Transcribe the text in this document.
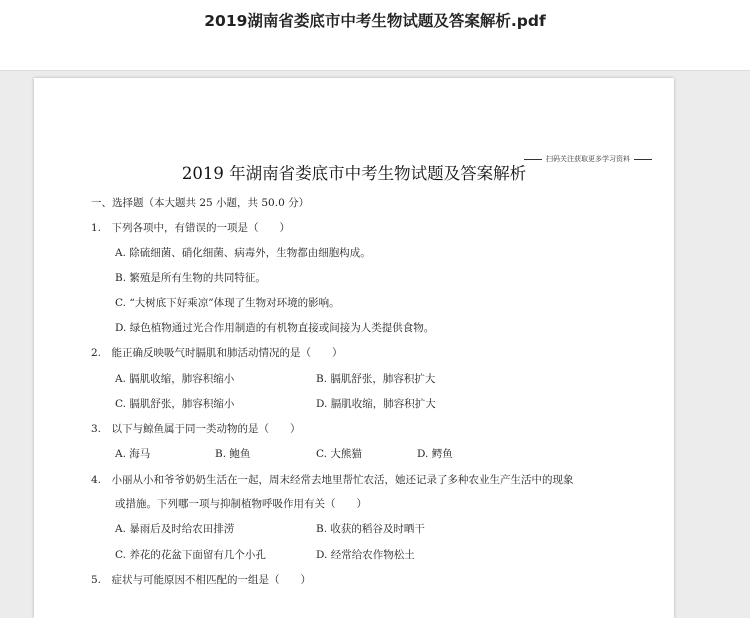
2019湖南省娄底市中考生物试题及答案解析.pdf
扫码关注获取更多学习资料
2019 年湖南省娄底市中考生物试题及答案解析
一、选择题（本大题共 25 小题，共 50.0 分）
1.　下列各项中，有错误的一项是（　　）
A. 除硫细菌、硝化细菌、病毒外，生物都由细胞构成。
B. 繁殖是所有生物的共同特征。
C. “大树底下好乘凉”体现了生物对环境的影响。
D. 绿色植物通过光合作用制造的有机物直接或间接为人类提供食物。
2.　能正确反映吸气时膈肌和肺活动情况的是（　　）
A. 膈肌收缩，肺容积缩小	B. 膈肌舒张，肺容积扩大
C. 膈肌舒张，肺容积缩小	D. 膈肌收缩，肺容积扩大
3.　以下与鲸鱼属于同一类动物的是（　　）
A. 海马	B. 鲍鱼	C. 大熊猫	D. 鳄鱼
4.　小丽从小和爷爷奶奶生活在一起，周末经常去地里帮忙农活，她还记录了多种农业生产生活中的现象
或措施。下列哪一项与抑制植物呼吸作用有关（　　）
A. 暴雨后及时给农田排涝	B. 收获的稻谷及时晒干
C. 养花的花盆下面留有几个小孔	D. 经常给农作物松土
5.　症状与可能原因不相匹配的一组是（　　）
